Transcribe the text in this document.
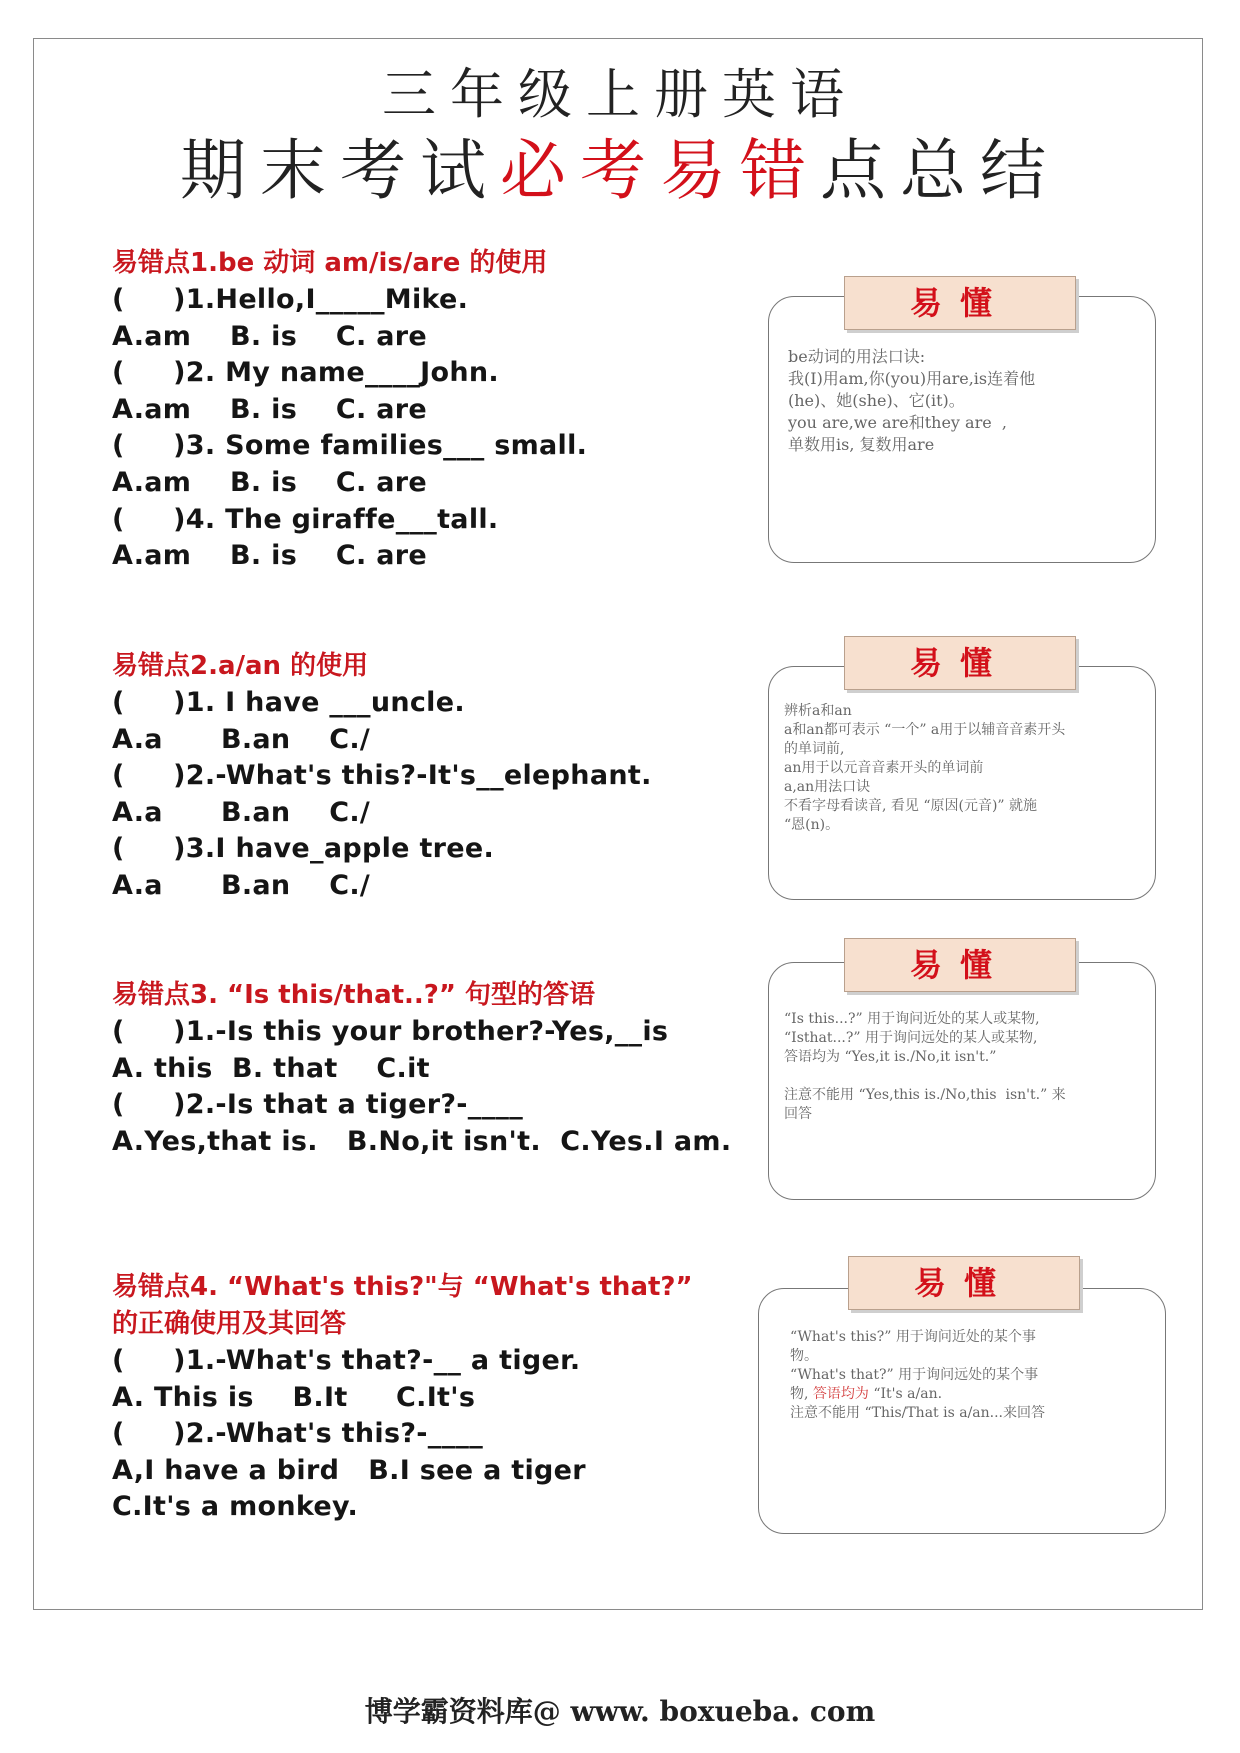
三年级上册英语
期末考试必考易错点总结
易错点1.be 动词 am/is/are 的使用
(     )1.Hello,I_____Mike.
A.am    B. is    C. are
(     )2. My name____John.
A.am    B. is    C. are
(     )3. Some families___ small.
A.am    B. is    C. are
(     )4. The giraffe___tall.
A.am    B. is    C. are
易错点2.a/an 的使用
(     )1. I have ___uncle.
A.a      B.an    C./
(     )2.-What's this?-It's__elephant.
A.a      B.an    C./
(     )3.I have_apple tree.
A.a      B.an    C./
易错点3. “Is this/that..?” 句型的答语
(     )1.-Is this your brother?-Yes,__is
A. this  B. that    C.it
(     )2.-Is that a tiger?-____
A.Yes,that is.   B.No,it isn't.  C.Yes.I am.
易错点4. “What's this?"与 “What's that?”
的正确使用及其回答
(     )1.-What's that?-__ a tiger.
A. This is    B.It     C.It's
(     )2.-What's this?-____
A,I have a bird   B.I see a tiger
C.It's a monkey.
易懂
be动词的用法口诀:
我(I)用am,你(you)用are,is连着他
(he)、她(she)、它(it)。
you are,we are和they are  ,
单数用is, 复数用are
易懂
辨析a和an
a和an都可表示 “一个” a用于以辅音音素开头
的单词前,
an用于以元音音素开头的单词前
a,an用法口诀
不看字母看读音, 看见 “原因(元音)” 就施
“恩(n)。
易懂
“Is this...?” 用于询问近处的某人或某物,
“Isthat...?” 用于询问远处的某人或某物,
答语均为 “Yes,it is./No,it isn't.”
注意不能用 “Yes,this is./No,this  isn't.” 来
回答
易懂
“What's this?” 用于询问近处的某个事
物。
“What's that?” 用于询问远处的某个事
物, 答语均为 “It's a/an.
注意不能用 “This/That is a/an...来回答
博学霸资料库@ www. boxueba. com
